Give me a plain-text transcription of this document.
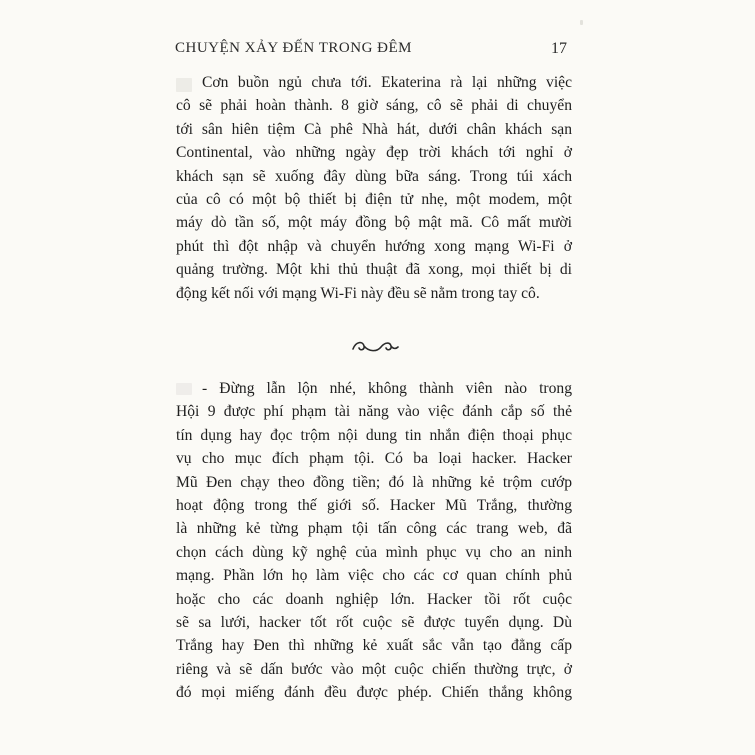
CHUYỆN XẢY ĐẾN TRONG ĐÊM	17
Cơn buồn ngủ chưa tới. Ekaterina rà lại những việc
cô sẽ phải hoàn thành. 8 giờ sáng, cô sẽ phải di chuyển
tới sân hiên tiệm Cà phê Nhà hát, dưới chân khách sạn
Continental, vào những ngày đẹp trời khách tới nghỉ ở
khách sạn sẽ xuống đây dùng bữa sáng. Trong túi xách
của cô có một bộ thiết bị điện tử nhẹ, một modem, một
máy dò tần số, một máy đồng bộ mật mã. Cô mất mười
phút thì đột nhập và chuyển hướng xong mạng Wi-Fi ở
quảng trường. Một khi thủ thuật đã xong, mọi thiết bị di
động kết nối với mạng Wi-Fi này đều sẽ nằm trong tay cô.
- Đừng lẫn lộn nhé, không thành viên nào trong
Hội 9 được phí phạm tài năng vào việc đánh cắp số thẻ
tín dụng hay đọc trộm nội dung tin nhắn điện thoại phục
vụ cho mục đích phạm tội. Có ba loại hacker. Hacker
Mũ Đen chạy theo đồng tiền; đó là những kẻ trộm cướp
hoạt động trong thế giới số. Hacker Mũ Trắng, thường
là những kẻ từng phạm tội tấn công các trang web, đã
chọn cách dùng kỹ nghệ của mình phục vụ cho an ninh
mạng. Phần lớn họ làm việc cho các cơ quan chính phủ
hoặc cho các doanh nghiệp lớn. Hacker tồi rốt cuộc
sẽ sa lưới, hacker tốt rốt cuộc sẽ được tuyển dụng. Dù
Trắng hay Đen thì những kẻ xuất sắc vẫn tạo đẳng cấp
riêng và sẽ dấn bước vào một cuộc chiến thường trực, ở
đó mọi miếng đánh đều được phép. Chiến thắng không
